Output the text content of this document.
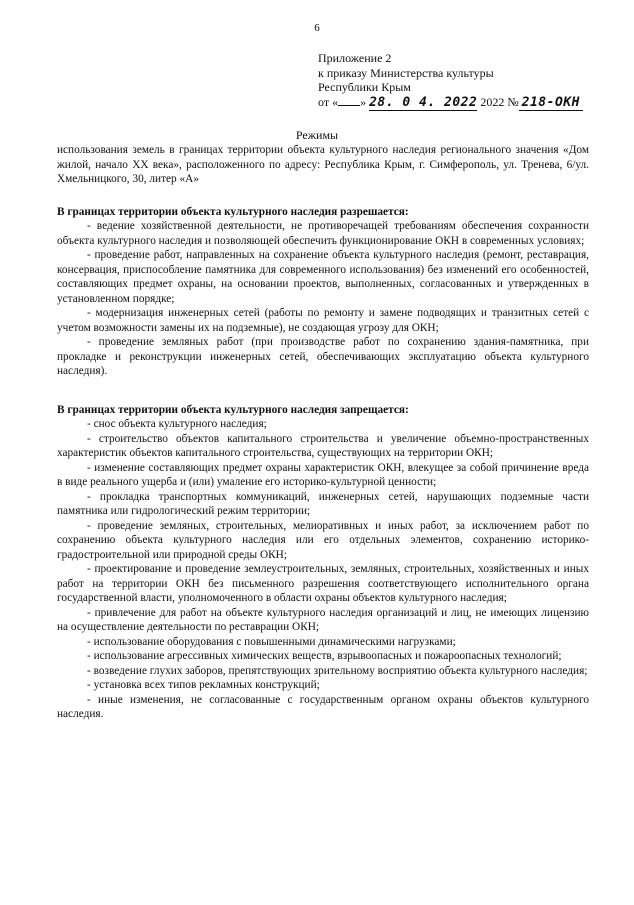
6
Приложение 2
к приказу Министерства культуры
Республики Крым
от « » 28. 0 4. 2022 2022 № 218-ОКН
Режимы

использования земель в границах территории объекта культурного наследия регионального значения «Дом жилой, начало XX века», расположенного по адресу: Республика Крым, г. Симферополь, ул. Тренева, 6/ул. Хмельницкого, 30, литер «А»

В границах территории объекта культурного наследия разрешается:

- ведение хозяйственной деятельности, не противоречащей требованиям обеспечения сохранности объекта культурного наследия и позволяющей обеспечить функционирование ОКН в современных условиях;
- проведение работ, направленных на сохранение объекта культурного наследия (ремонт, реставрация, консервация, приспособление памятника для современного использования) без изменений его особенностей, составляющих предмет охраны, на основании проектов, выполненных, согласованных и утвержденных в установленном порядке;
- модернизация инженерных сетей (работы по ремонту и замене подводящих и транзитных сетей с учетом возможности замены их на подземные), не создающая угрозу для ОКН;
- проведение земляных работ (при производстве работ по сохранению здания-памятника, при прокладке и реконструкции инженерных сетей, обеспечивающих эксплуатацию объекта культурного наследия).

В границах территории объекта культурного наследия запрещается:

- снос объекта культурного наследия;
- строительство объектов капитального строительства и увеличение объемно-пространственных характеристик объектов капитального строительства, существующих на территории ОКН;
- изменение составляющих предмет охраны характеристик ОКН, влекущее за собой причинение вреда в виде реального ущерба и (или) умаление его историко-культурной ценности;
- прокладка транспортных коммуникаций, инженерных сетей, нарушающих подземные части памятника или гидрологический режим территории;
- проведение земляных, строительных, мелиоративных и иных работ, за исключением работ по сохранению объекта культурного наследия или его отдельных элементов, сохранению историко-градостроительной или природной среды ОКН;
- проектирование и проведение землеустроительных, земляных, строительных, хозяйственных и иных работ на территории ОКН без письменного разрешения соответствующего исполнительного органа государственной власти, уполномоченного в области охраны объектов культурного наследия;
- привлечение для работ на объекте культурного наследия организаций и лиц, не имеющих лицензию на осуществление деятельности по реставрации ОКН;
- использование оборудования с повышенными динамическими нагрузками;
- использование агрессивных химических веществ, взрывоопасных и пожароопасных технологий;
- возведение глухих заборов, препятствующих зрительному восприятию объекта культурного наследия;
- установка всех типов рекламных конструкций;
- иные изменения, не согласованные с государственным органом охраны объектов культурного наследия.
